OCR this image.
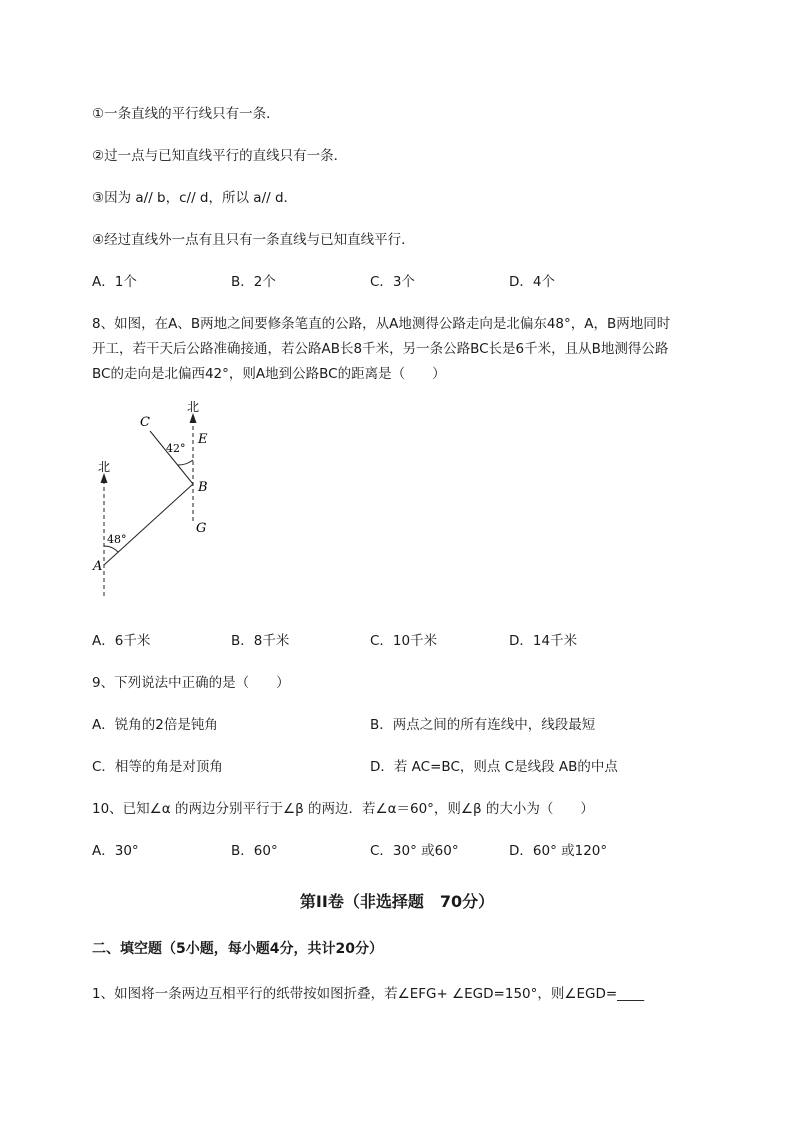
①一条直线的平行线只有一条．
②过一点与已知直线平行的直线只有一条．
③因为 a// b，c// d，所以 a// d．
④经过直线外一点有且只有一条直线与已知直线平行．
A．1个	B．2个	C．3个	D．4个
8、如图，在A、B两地之间要修条笔直的公路，从A地测得公路走向是北偏东48°，A，B两地同时
开工，若干天后公路准确接通，若公路AB长8千米，另一条公路BC长是6千米，且从B地测得公路
BC的走向是北偏西42°，则A地到公路BC的距离是（　　）
北
北
C
E
B
G
A
42°
48°
A．6千米	B．8千米	C．10千米	D．14千米
9、下列说法中正确的是（　　）
A．锐角的2倍是钝角	B．两点之间的所有连线中，线段最短
C．相等的角是对顶角	D．若 AC=BC，则点 C是线段 AB的中点
10、已知∠α 的两边分别平行于∠β 的两边．若∠α＝60°，则∠β 的大小为（　　）
A．30°	B．60°	C．30° 或60°	D．60° 或120°
第II卷（非选择题　70分）
二、填空题（5小题，每小题4分，共计20分）
1、如图将一条两边互相平行的纸带按如图折叠，若∠EFG+ ∠EGD=150°，则∠EGD=____
